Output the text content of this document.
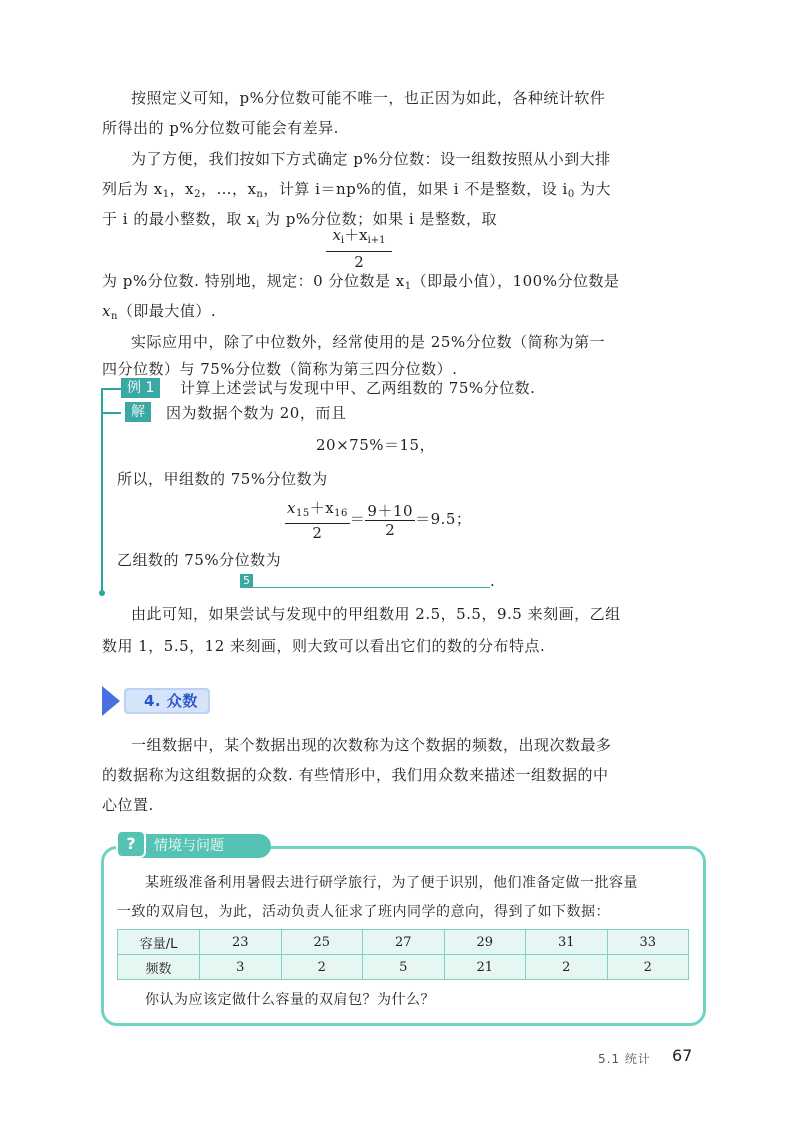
按照定义可知，p%分位数可能不唯一，也正因为如此，各种统计软件
所得出的 p%分位数可能会有差异.
为了方便，我们按如下方式确定 p%分位数：设一组数按照从小到大排
列后为 $x_1$，$x_2$，…，$x_n$，计算 i＝np%的值，如果 i 不是整数，设 $i_0$ 为大
于 i 的最小整数，取 $x_i$ 为 p%分位数；如果 i 是整数，取
$\frac{x_i+x_{i+1}}{2}$
为 p%分位数. 特别地，规定：0 分位数是 $x_1$（即最小值），100%分位数是
$x_n$（即最大值）.
实际应用中，除了中位数外，经常使用的是 25%分位数（简称为第一
四分位数）与 75%分位数（简称为第三四分位数）.
例 1	计算上述尝试与发现中甲、乙两组数的 75%分位数.
解	因为数据个数为 20，而且
20×75%＝15，
所以，甲组数的 75%分位数为
$\frac{x_{15}+x_{16}}{2} = \frac{9+10}{2} =9.5$；
乙组数的 75%分位数为
5	.
由此可知，如果尝试与发现中的甲组数用 2.5，5.5，9.5 来刻画，乙组
数用 1，5.5，12 来刻画，则大致可以看出它们的数的分布特点.
4. 众数
一组数据中，某个数据出现的次数称为这个数据的频数，出现次数最多
的数据称为这组数据的众数. 有些情形中，我们用众数来描述一组数据的中
心位置.
情境与问题
?
某班级准备利用暑假去进行研学旅行，为了便于识别，他们准备定做一批容量
一致的双肩包，为此，活动负责人征求了班内同学的意向，得到了如下数据：
容量/L	23	25	27	29	31	33
频数	3	2	5	21	2	2
你认为应该定做什么容量的双肩包？为什么？
5.1 统计 67
